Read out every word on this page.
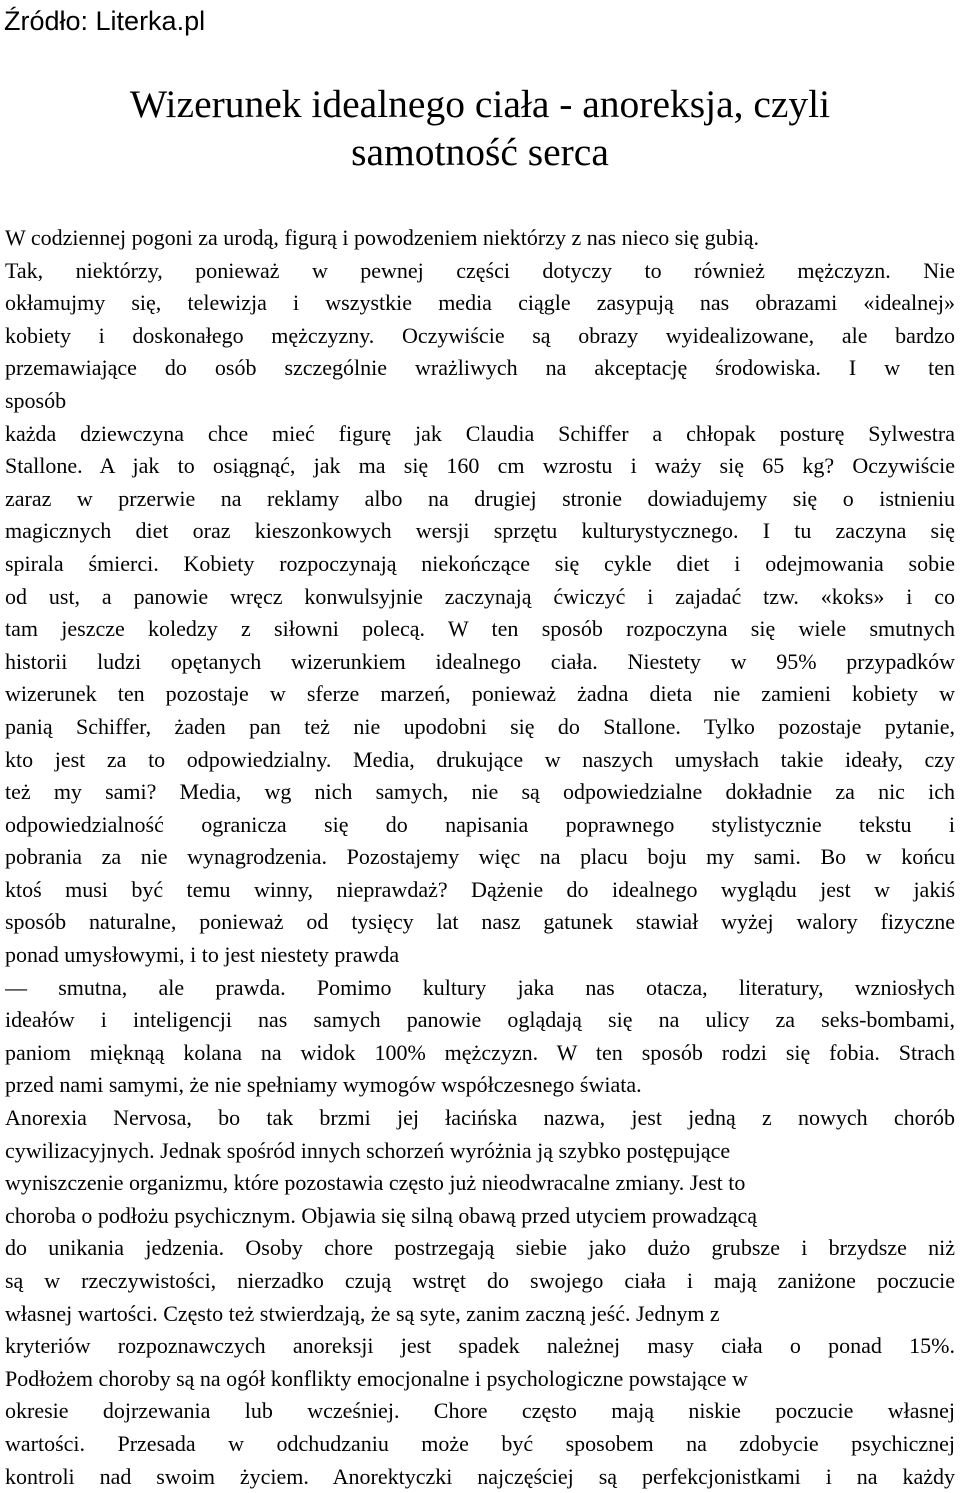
Źródło: Literka.pl
Wizerunek idealnego ciała - anoreksja, czyli
samotność serca
W codziennej pogoni za urodą, figurą i powodzeniem niektórzy z nas nieco się gubią.
Tak, niektórzy, ponieważ w pewnej części dotyczy to również mężczyzn. Nie
okłamujmy się, telewizja i wszystkie media ciągle zasypują nas obrazami «idealnej»
kobiety i doskonałego mężczyzny. Oczywiście są obrazy wyidealizowane, ale bardzo
przemawiające do osób szczególnie wrażliwych na akceptację środowiska. I w ten
sposób
każda dziewczyna chce mieć figurę jak Claudia Schiffer a chłopak posturę Sylwestra
Stallone. A jak to osiągnąć, jak ma się 160 cm wzrostu i waży się 65 kg? Oczywiście
zaraz w przerwie na reklamy albo na drugiej stronie dowiadujemy się o istnieniu
magicznych diet oraz kieszonkowych wersji sprzętu kulturystycznego. I tu zaczyna się
spirala śmierci. Kobiety rozpoczynają niekończące się cykle diet i odejmowania sobie
od ust, a panowie wręcz konwulsyjnie zaczynają ćwiczyć i zajadać tzw. «koks» i co
tam jeszcze koledzy z siłowni polecą. W ten sposób rozpoczyna się wiele smutnych
historii ludzi opętanych wizerunkiem idealnego ciała. Niestety w 95% przypadków
wizerunek ten pozostaje w sferze marzeń, ponieważ żadna dieta nie zamieni kobiety w
panią Schiffer, żaden pan też nie upodobni się do Stallone. Tylko pozostaje pytanie,
kto jest za to odpowiedzialny. Media, drukujące w naszych umysłach takie ideały, czy
też my sami? Media, wg nich samych, nie są odpowiedzialne dokładnie za nic ich
odpowiedzialność ogranicza się do napisania poprawnego stylistycznie tekstu i
pobrania za nie wynagrodzenia. Pozostajemy więc na placu boju my sami. Bo w końcu
ktoś musi być temu winny, nieprawdaż? Dążenie do idealnego wyglądu jest w jakiś
sposób naturalne, ponieważ od tysięcy lat nasz gatunek stawiał wyżej walory fizyczne
ponad umysłowymi, i to jest niestety prawda
— smutna, ale prawda. Pomimo kultury jaka nas otacza, literatury, wzniosłych
ideałów i inteligencji nas samych panowie oglądają się na ulicy za seks-bombami,
paniom mięknąą kolana na widok 100% mężczyzn. W ten sposób rodzi się fobia. Strach
przed nami samymi, że nie spełniamy wymogów współczesnego świata.
Anorexia Nervosa, bo tak brzmi jej łacińska nazwa, jest jedną z nowych chorób
cywilizacyjnych. Jednak spośród innych schorzeń wyróżnia ją szybko postępujące
wyniszczenie organizmu, które pozostawia często już nieodwracalne zmiany. Jest to
choroba o podłożu psychicznym. Objawia się silną obawą przed utyciem prowadzącą
do unikania jedzenia. Osoby chore postrzegają siebie jako dużo grubsze i brzydsze niż
są w rzeczywistości, nierzadko czują wstręt do swojego ciała i mają zaniżone poczucie
własnej wartości. Często też stwierdzają, że są syte, zanim zaczną jeść. Jednym z
kryteriów rozpoznawczych anoreksji jest spadek należnej masy ciała o ponad 15%.
Podłożem choroby są na ogół konflikty emocjonalne i psychologiczne powstające w
okresie dojrzewania lub wcześniej. Chore często mają niskie poczucie własnej
wartości. Przesada w odchudzaniu może być sposobem na zdobycie psychicznej
kontroli nad swoim życiem. Anorektyczki najczęściej są perfekcjonistkami i na każdy
